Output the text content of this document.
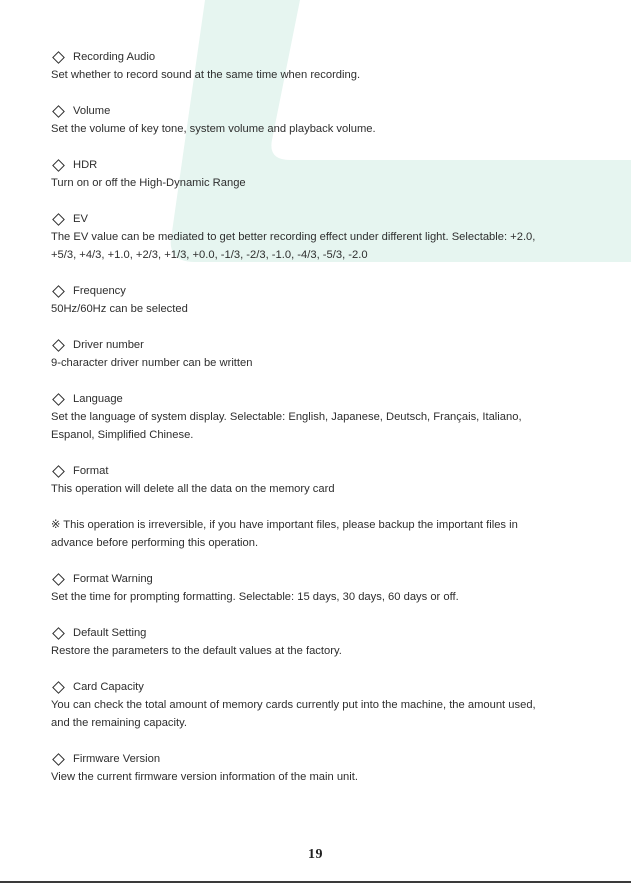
Recording Audio

Set whether to record sound at the same time when recording.

Volume

Set the volume of key tone, system volume and playback volume.

HDR

Turn on or off the High-Dynamic Range

EV

The EV value can be mediated to get better recording effect under different light. Selectable: +2.0,
+5/3, +4/3, +1.0, +2/3, +1/3, +0.0, -1/3, -2/3, -1.0, -4/3, -5/3, -2.0

Frequency

50Hz/60Hz can be selected

Driver number

9-character driver number can be written

Language

Set the language of system display. Selectable: English, Japanese, Deutsch, Français, Italiano,
Espanol, Simplified Chinese.

Format

This operation will delete all the data on the memory card

※ This operation is irreversible, if you have important files, please backup the important files in
advance before performing this operation.

Format Warning

Set the time for prompting formatting. Selectable: 15 days, 30 days, 60 days or off.

Default Setting

Restore the parameters to the default values at the factory.

Card Capacity

You can check the total amount of memory cards currently put into the machine, the amount used,
and the remaining capacity.

Firmware Version

View the current firmware version information of the main unit.

19
